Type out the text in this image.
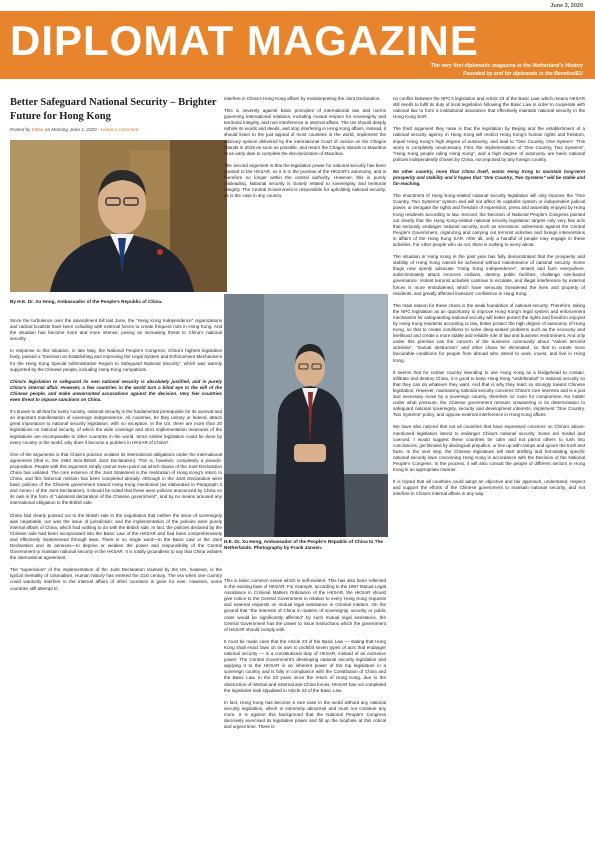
June 3, 2020
DIPLOMAT MAGAZINE
The very first diplomatic magazine in the Netherland’s History
Founded by and for diplomats in the Benelux/EU
Better Safeguard National Security – Brighter Future for Hong Kong
Posted by Editor on Monday, June 1, 2020 · Leave a Comment
By H.E. Dr. Xu Hong, Ambassador of the People’s Republic of China.

Since the turbulence over the amendment bill last June, the “Hong Kong Independence” organizations and radical localists have been colluding with external forces to create frequent riots in Hong Kong. And the situation has become more and more intense, posing an increasing threat to China’s national security.

In response to this situation, in late May, the National People’s Congress, China’s highest legislative body, passed a “Decision on Establishing and Improving the Legal System and Enforcement Mechanisms for the Hong Kong Special Administrative Region to Safeguard National Security”, which was warmly supported by the Chinese people, including Hong Kong compatriots.

China’s legislation to safeguard its own national security is absolutely justified, and is purely China’s internal affair. However, a few countries in the world turn a blind eye to the will of the Chinese people, and make unwarranted accusations against the decision. Very few countries even threat to impose sanctions on China.

It’s known to all that for every country, national security is the fundamental prerequisite for its survival and an important manifestation of sovereign independence. All countries, be they unitary or federal, attach great importance to national security legislation, with no exception. In the US, there are more than 20 legislations on national security, of which the wide coverage and strict implementation measures of the legislations are incomparable to other countries in the world. Since similar legislation could be done by every country in the world, why does it become a problem in HKSAR of China?

One of the arguments is that China’s practice violates its international obligations under the international agreement (that is, the 1984 Sino-British Joint Declaration). This is, however, completely a pseudo-proposition. People with this argument simply cannot even point out which clause of the Joint Declaration China has violated. The core essence of the Joint Statement is the realization of Hong Kong’s return to China, and this historical mission has been completed already. Although in the Joint Declaration were basic policies of the Chinese government toward Hong Kong mentioned (as elaborated in Paragraph 3 and Annex I of the Joint Declaration), it should be noted that these were policies announced by China on its own in the form of “unilateral declaration of the Chinese government”, and by no means aroused any international obligation to the British side.

China had clearly pointed out to the British side in the negotiation that neither the issue of sovereignty was negotiable, nor was the issue of jurisdiction; and the implementation of the policies were purely internal affairs of China, which had nothing to do with the British side. In fact, the policies declared by the Chinese side had been incorporated into the Basic Law of the HKSAR and had been comprehensively and effectively implemented through laws. There is no single word—in the Basic Law or the Joint Declaration and its annexes—to deprive or weaken the power and responsibility of the Central Government to maintain national security in the HKSAR. It is totally groundless to say that China violates the international agreement.

The “supervision” of the implementation of the Joint Declaration claimed by the UK, however, is the typical mentality of colonialism. Human history has entered the 21st century. The era when one country could wantonly interfere in the internal affairs of other countries is gone for ever. However, some countries still attempt to

interfere in China’s Hong Kong affairs by misinterpreting the Joint Declaration.

This is severely against basic principles of international law and norms governing international relations, including mutual respect for sovereignty and territorial integrity, and non-interference in internal affairs. The UK should deeply rethink its words and deeds, and stop interfering in Hong Kong affairs. Instead, it should listen to the just appeal of most countries in the world, implement the advisory opinion delivered by the International Court of Justice on the Chagos Islands in 2019 as soon as possible, and return the Chagos Islands to Mauritius at an early date to complete the decolonization of Mauritius.

The second argument is that the legislative power for national security has been granted to the HKSAR, so it is in the purview of the HKSAR’s autonomy, and is therefore no longer within the central authority. However, this is purely misleading. National security is closely related to sovereignty and territorial integrity. The Central Government is responsible for upholding national security, as is the case in any country.

H.E. Dr. Xu Hong, Ambassador of the People’s Republic of China to The Netherlands. Photography by Frank Jansen.

This is basic common sense which is self-evident. This has also been reflected in the existing laws of HKSAR. For example, according to the 1997 Mutual Legal Assistance in Criminal Matters Ordinance of the HKSAR, the HKSAR should give notice to the Central Government in relation to every Hong Kong requests and external requests on mutual legal assistance in criminal matters. On the ground that “the interests of China in matters of sovereignty, security or public order would be significantly affected” by such mutual legal assistance, the Central Government has the power to issue instructions which the government of HKSAR should comply with.

It must be made clear that the Article 23 of the Basic Law — stating that Hong Kong shall enact laws on its own to prohibit seven types of acts that endanger national security — is a constitutional duty of HKSAR, instead of an exclusive power. The Central Government’s developing national security legislation and applying it to the HKSAR is an inherent power of the top legislature in a sovereign country and is fully in compliance with the Constitution of China and the Basic Law. In the 23 years since the return of Hong Kong, due to the obstruction of internal and external anti-China forces, HKSAR has not completed the legislative task stipulated in Article 23 of the Basic Law.

In fact, Hong Kong has become a rare case in the world without any national security legislation, which is extremely abnormal and must not continue any more. It is against this background that the National People’s Congress decisively exercised its legislative power and fill up the loophole at this critical and urgent time. There is

no conflict between the NPC’s legislation and Article 23 of the Basic Law, which means HKSAR still needs to fulfil its duty of local legislation following the Basic Law in order to cooperate with national law to form a institutional assurance that effectively maintain national security in the Hong Kong SAR.

The third argument they raise is that the legislation by Beijing and the establishment of a national security agency in Hong Kong will restrict Hong Kong’s human rights and freedom, impair Hong Kong’s high degree of autonomy, and lead to “One Country, One System”. This worry is completely unnecessary. First, the implementation of “One Country, Two Systems”, “Hong Kong people ruling Hong Kong”, and a high degree of autonomy are basic national policies independently chosen by China, not imposed by any foreign country.

No other country, more than China itself, wants Hong Kong to maintain long-term prosperity and stability and it hopes that “One Country, Two Systems” will be stable and far-reaching.

The enactment of Hong Kong-related national security legislation will only improve the “One Country, Two Systems” system and will not affect its capitalist system or independent judicial power, or derogate the rights and freedom of expression, press and assembly enjoyed by Hong Kong residents according to law. Second, the Decision of National People’s Congress pointed out clearly that the Hong Kong-related national security legislation targets only very few acts that seriously endanger national security, such as secession, subversion against the Central People’s Government, organizing and carrying out terrorist activities and foreign interventions in affairs of the Hong Kong SAR. After all, only a handful of people may engage in these activities. For other people who do not, there is nothing to worry about.

The situation in Hong Kong in the past year has fully demonstrated that the prosperity and stability of Hong Kong cannot be achieved without maintenance of national security. Some thugs now openly advocate “Hong Kong independence”, smash and burn everywhere, indiscriminately attack innocent civilians, destroy public facilities, challenge rule-based governance. Violent terrorist activities continue to escalate, and illegal interference by external forces is more emboldened, which have seriously threatened the lives and property of residents, and greatly affected investors’ confidence in Hong Kong.

The main reason for these chaos is the weak foundation of national security. Therefore, taking the NPC legislation as an opportunity to improve Hong Kong’s legal system and enforcement mechanism for safeguarding national security will better protect the rights and freedom enjoyed by Hong Kong residents according to law, better protect the high degree of autonomy of Hong Kong, so that to create conditions to solve deep-seated problems such as the economy and livelihood and create a more stable and reliable rule of law and business environment. And only under this premise can the concern of the business community about “violent terrorist activities”, “mutual destruction” and other chaos be eliminated, so that to create more favourable conditions for people from abroad who intend to work, invest, and live in Hong Kong.

It seems that for certain country intending to use Hong Kong as a bridgehead to contain, infiltrate and destroy China, it is good to keep Hong Kong “undefended” in national security so that they can do whatever they want. And that is why they react so strongly toward Chinese legislation. However, maintaining national security concerns China’s core interests and is a just and necessary move by a sovereign country, therefore no room for compromise. No matter under what pressure, the Chinese government remains unwavering in its determination to safeguard national sovereignty, security and development interests, implement “One Country, Two Systems” policy, and oppose external interference in Hong Kong affairs.

We have also noticed that not all countries that have expressed concerns on China’s above-mentioned legislation intend to endanger China’s national security. Some are misled and coerced. I would suggest these countries be calm and not parrot others to rush into conclusions, get blinded by ideological prejudice, or line up with camps and ignore the truth and facts. In the next step, the Chinese legislature will start drafting and formulating specific national security laws concerning Hong Kong in accordance with the Decision of the National People’s Congress. In the process, it will also consult the people of different sectors in Hong Kong in an appropriate manner.

It is hoped that all countries could adopt an objective and fair approach, understand, respect and support the efforts of the Chinese government to maintain national security, and not interfere in China’s internal affairs in any way.
